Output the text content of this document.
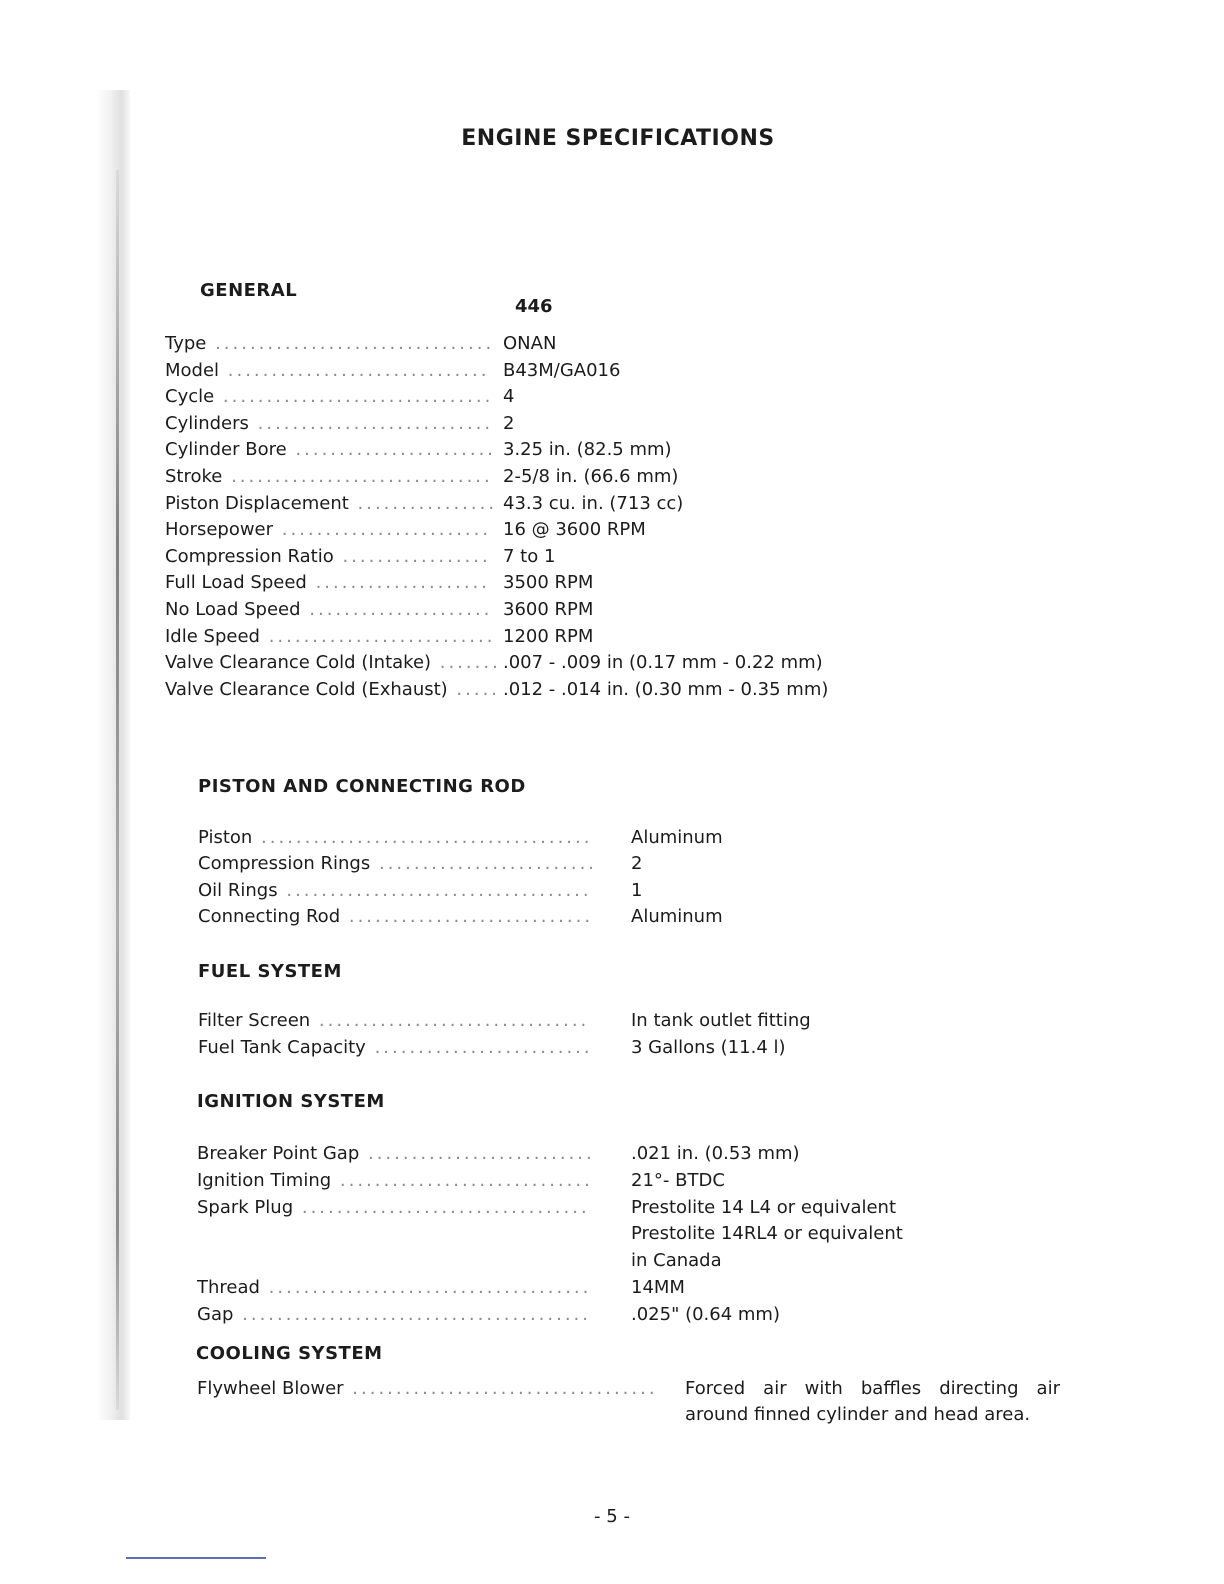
ENGINE SPECIFICATIONS
GENERAL
446
Type ................................ ONAN
Model .............................. B43M/GA016
Cycle ............................... 4
Cylinders ........................... 2
Cylinder Bore ....................... 3.25 in. (82.5 mm)
Stroke .............................. 2-5/8 in. (66.6 mm)
Piston Displacement ................ 43.3 cu. in. (713 cc)
Horsepower ........................ 16 @ 3600 RPM
Compression Ratio ................. 7 to 1
Full Load Speed .................... 3500 RPM
No Load Speed ..................... 3600 RPM
Idle Speed .......................... 1200 RPM
Valve Clearance Cold (Intake) ....... .007 - .009 in (0.17 mm - 0.22 mm)
Valve Clearance Cold (Exhaust) ..... .012 - .014 in. (0.30 mm - 0.35 mm)
PISTON AND CONNECTING ROD
Piston ...................................... Aluminum
Compression Rings ......................... 2
Oil Rings ................................... 1
Connecting Rod ............................ Aluminum
FUEL SYSTEM
Filter Screen ............................... In tank outlet fitting
Fuel Tank Capacity ......................... 3 Gallons (11.4 l)
IGNITION SYSTEM
Breaker Point Gap .......................... .021 in. (0.53 mm)
Ignition Timing ............................. 21°- BTDC
Spark Plug ................................. Prestolite 14 L4 or equivalent
Prestolite 14RL4 or equivalent
in Canada
Thread ..................................... 14MM
Gap ........................................ .025" (0.64 mm)
COOLING SYSTEM
Flywheel Blower ................................... Forced air with baffles directing air around finned cylinder and head area.
- 5 -
